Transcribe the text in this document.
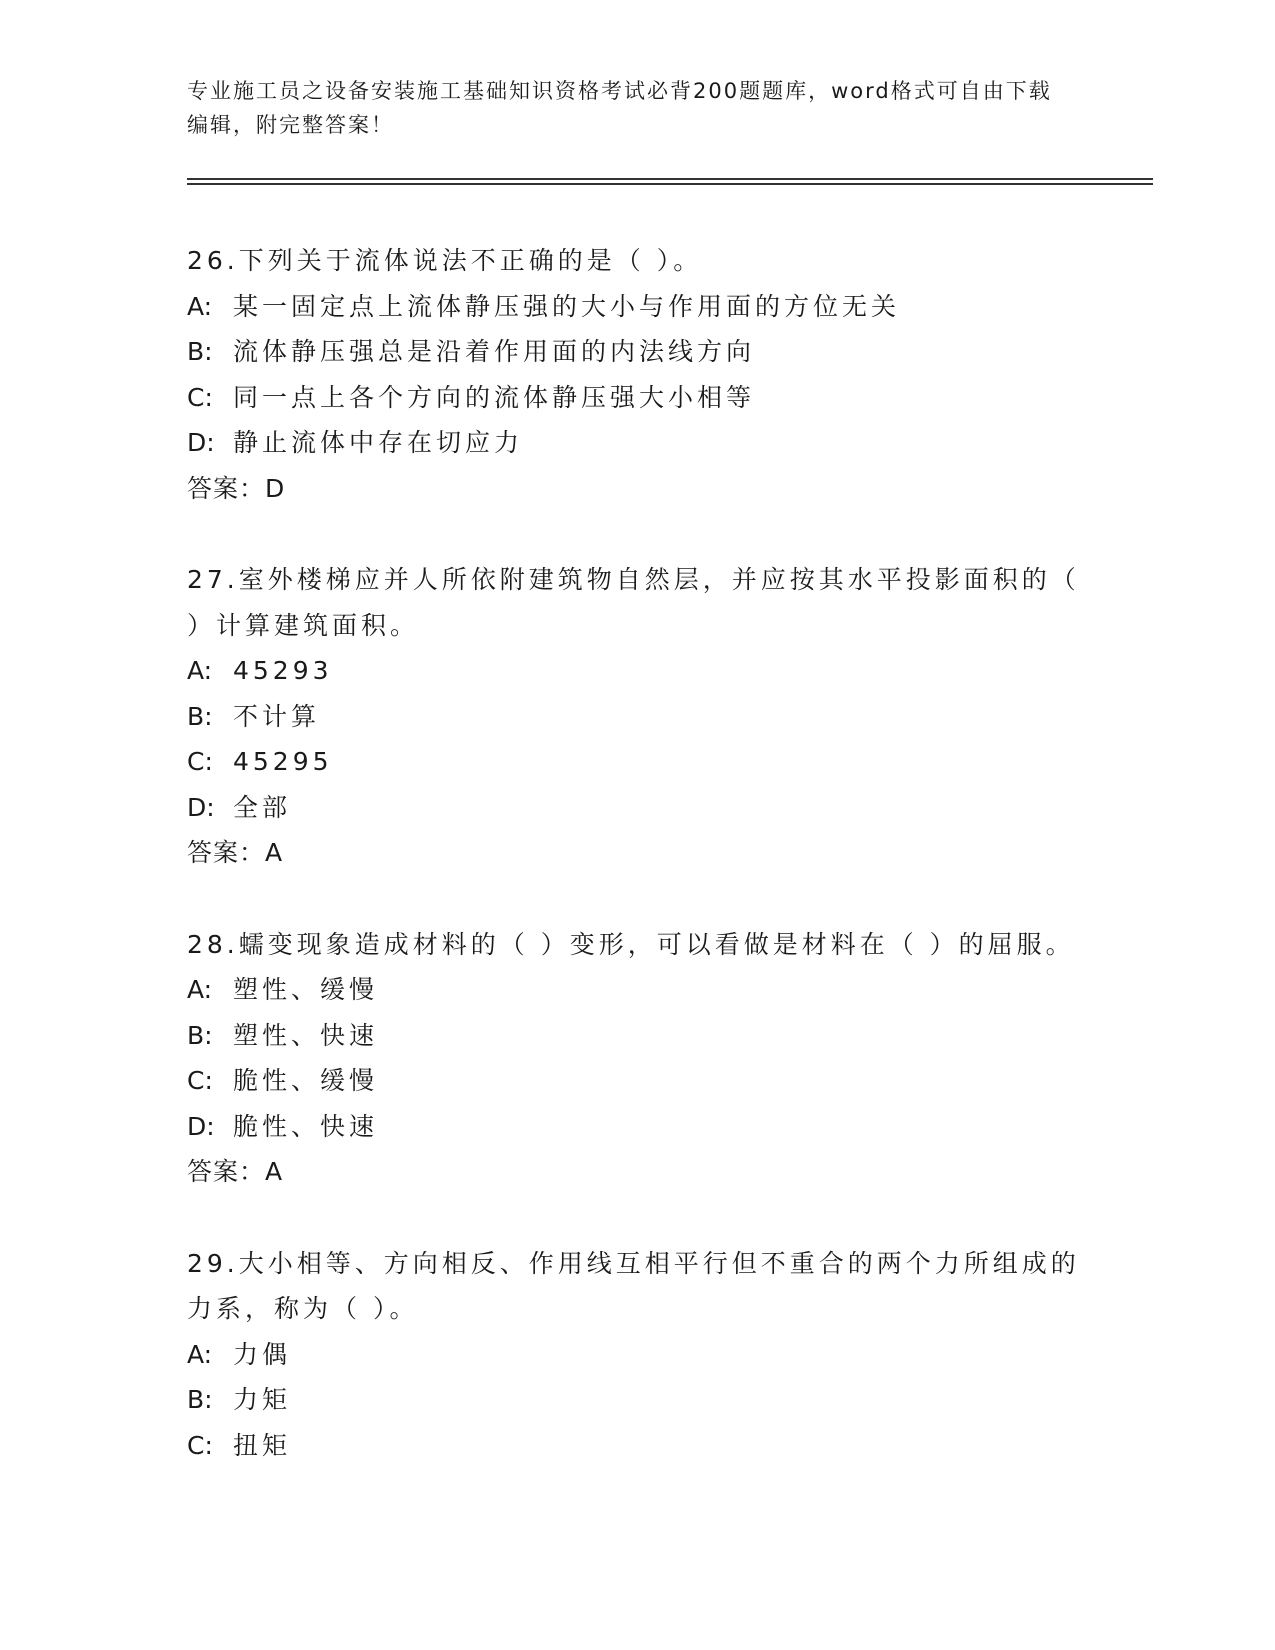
专业施工员之设备安装施工基础知识资格考试必背200题题库，word格式可自由下载编辑，附完整答案！

26.下列关于流体说法不正确的是（ ）。

A: 某一固定点上流体静压强的大小与作用面的方位无关

B: 流体静压强总是沿着作用面的内法线方向

C: 同一点上各个方向的流体静压强大小相等

D: 静止流体中存在切应力

答案：D

27.室外楼梯应并人所依附建筑物自然层，并应按其水平投影面积的（ ）计算建筑面积。

A: 45293

B: 不计算

C: 45295

D: 全部

答案：A

28.蠕变现象造成材料的（ ）变形，可以看做是材料在（ ）的屈服。

A: 塑性、缓慢

B: 塑性、快速

C: 脆性、缓慢

D: 脆性、快速

答案：A

29.大小相等、方向相反、作用线互相平行但不重合的两个力所组成的力系，称为（ ）。

A: 力偶

B: 力矩

C: 扭矩
